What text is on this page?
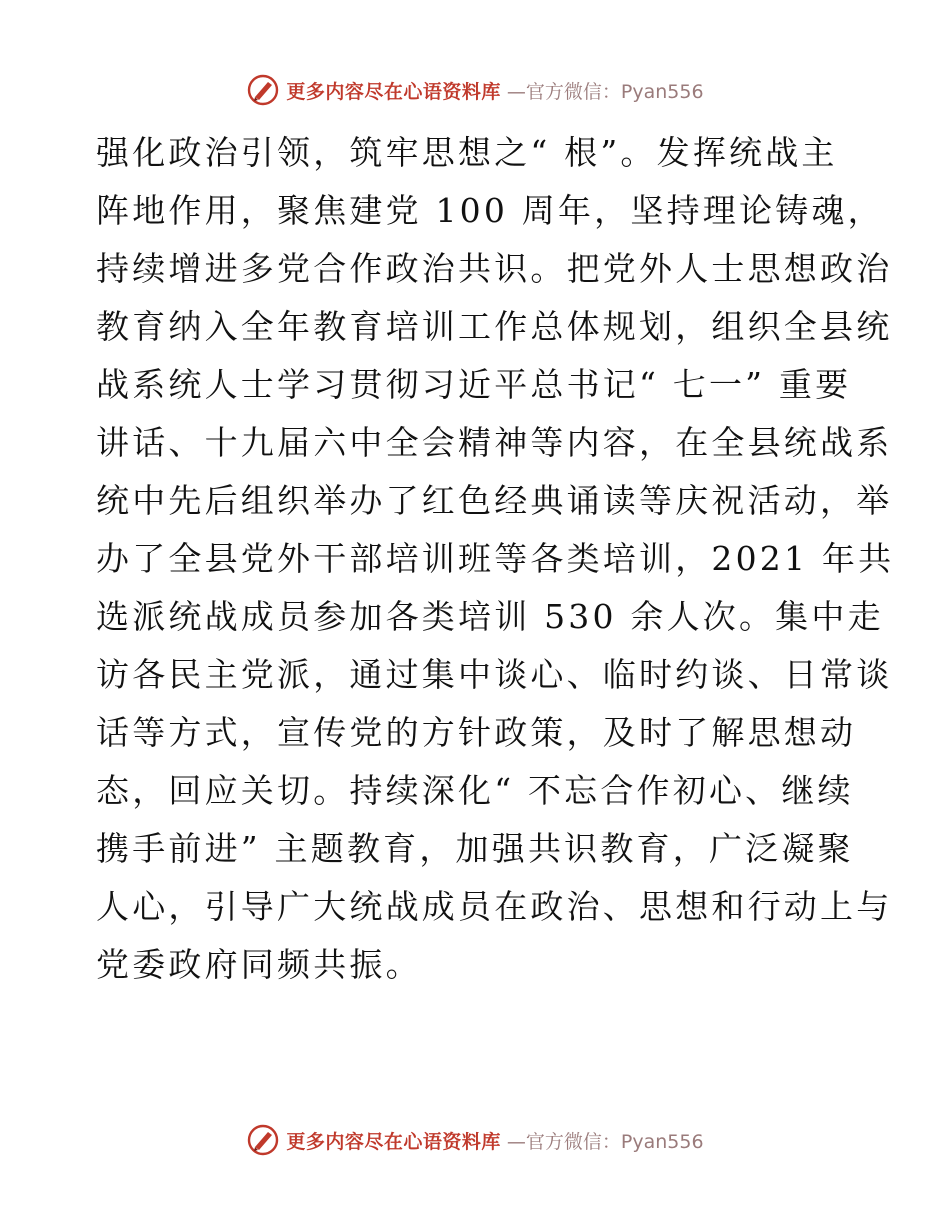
更多内容尽在心语资料库 —官方微信：Pyan556
强化政治引领，筑牢思想之“ 根”。发挥统战主
阵地作用，聚焦建党 100 周年，坚持理论铸魂，
持续增进多党合作政治共识。把党外人士思想政治
教育纳入全年教育培训工作总体规划，组织全县统
战系统人士学习贯彻习近平总书记“ 七一” 重要
讲话、十九届六中全会精神等内容，在全县统战系
统中先后组织举办了红色经典诵读等庆祝活动，举
办了全县党外干部培训班等各类培训，2021 年共
选派统战成员参加各类培训 530 余人次。集中走
访各民主党派，通过集中谈心、临时约谈、日常谈
话等方式，宣传党的方针政策，及时了解思想动
态，回应关切。持续深化“ 不忘合作初心、继续
携手前进” 主题教育，加强共识教育，广泛凝聚
人心，引导广大统战成员在政治、思想和行动上与
党委政府同频共振。
更多内容尽在心语资料库 —官方微信：Pyan556
